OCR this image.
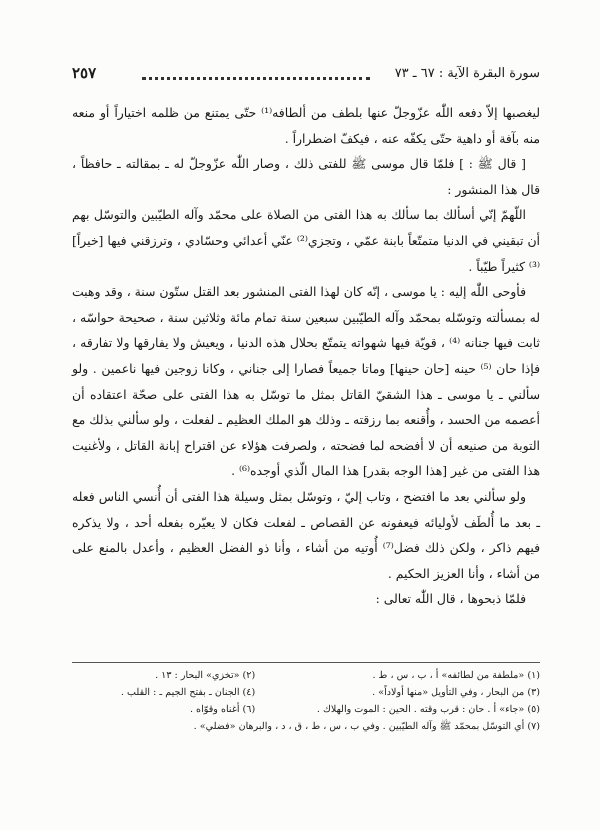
سورة البقرة الآية : ٦٧ ـ ٧٣
٢٥٧

ليغصبها إلاّ دفعه اللّٰه عزّوجلّ عنها بلطف من ألطافه⁽¹⁾ حتّى يمتنع من ظلمه اختياراً أو منعه منه بآفة أو داهية حتّى يكفّه عنه ، فيكفّ اضطراراً .

[ قال ﷺ : ] فلمّا قال موسى ﷺ للفتى ذلك ، وصار اللّٰه عزّوجلّ له ـ بمقالته ـ حافظاً ، قال هذا المنشور :

اللّهمّ إنّي أسألك بما سألك به هذا الفتى من الصلاة على محمّد وآله الطيّبين والتوسّل بهم أن تبقيني في الدنيا متمتّعاً بابنة عمّي ، وتجزي⁽²⁾ عنّي أعدائي وحسّادي ، وترزقني فيها [خيراً] ⁽³⁾ كثيراً طيّباً .

فأوحى اللّٰه إليه : يا موسى ، إنّه كان لهذا الفتى المنشور بعد القتل ستّون سنة ، وقد وهبت له بمسألته وتوسّله بمحمّد وآله الطيّبين سبعين سنة تمام مائة وثلاثين سنة ، صحيحة حواسّه ، ثابت فيها جنانه ⁽⁴⁾ ، قويّة فيها شهواته يتمتّع بحلال هذه الدنيا ، ويعيش ولا يفارقها ولا تفارقه ، فإذا حان ⁽⁵⁾ حينه [حان حينها] وماتا جميعاً فصارا إلى جناني ، وكانا زوجين فيها ناعمين . ولو سألني ـ يا موسى ـ هذا الشقيّ القاتل بمثل ما توسّل به هذا الفتى على صحّة اعتقاده أن أعصمه من الحسد ، وأُقنعه بما رزقته ـ وذلك هو الملك العظيم ـ لفعلت ، ولو سألني بذلك مع التوبة من صنيعه أن لا أفضحه لما فضحته ، ولصرفت هؤلاء عن اقتراح إبانة القاتل ، ولأغنيت هذا الفتى من غير [هذا الوجه بقدر] هذا المال الّذي أوجده⁽⁶⁾ .

ولو سألني بعد ما افتضح ، وتاب إليّ ، وتوسّل بمثل وسيلة هذا الفتى أن أُنسي الناس فعله ـ بعد ما أُلطَف لأوليائه فيعفونه عن القصاص ـ لفعلت فكان لا يعيّره بفعله أحد ، ولا يذكره فيهم ذاكر ، ولكن ذلك فضل⁽⁷⁾ أُوتيه من أشاء ، وأنا ذو الفضل العظيم ، وأعدل بالمنع على من أشاء ، وأنا العزيز الحكيم .

فلمّا ذبحوها ، قال اللّٰه تعالى :

(١) «ملطفة من لطائفه» أ ، ب ، س ، ط .
(٢) «تخزي» البحار : ١٣ .
(٣) من البحار ، وفي التأويل «منها أولاداً» .
(٤) الجنان ـ بفتح الجيم ـ : القلب .
(٥) «جاء» أ . حان : قرب وقته . الحين : الموت والهلاك .
(٦) أغناه وقوّاه .
(٧) أي التوسّل بمحمّد ﷺ وآله الطيّبين . وفي ب ، س ، ط ، ق ، د ، والبرهان «فضلي» .
